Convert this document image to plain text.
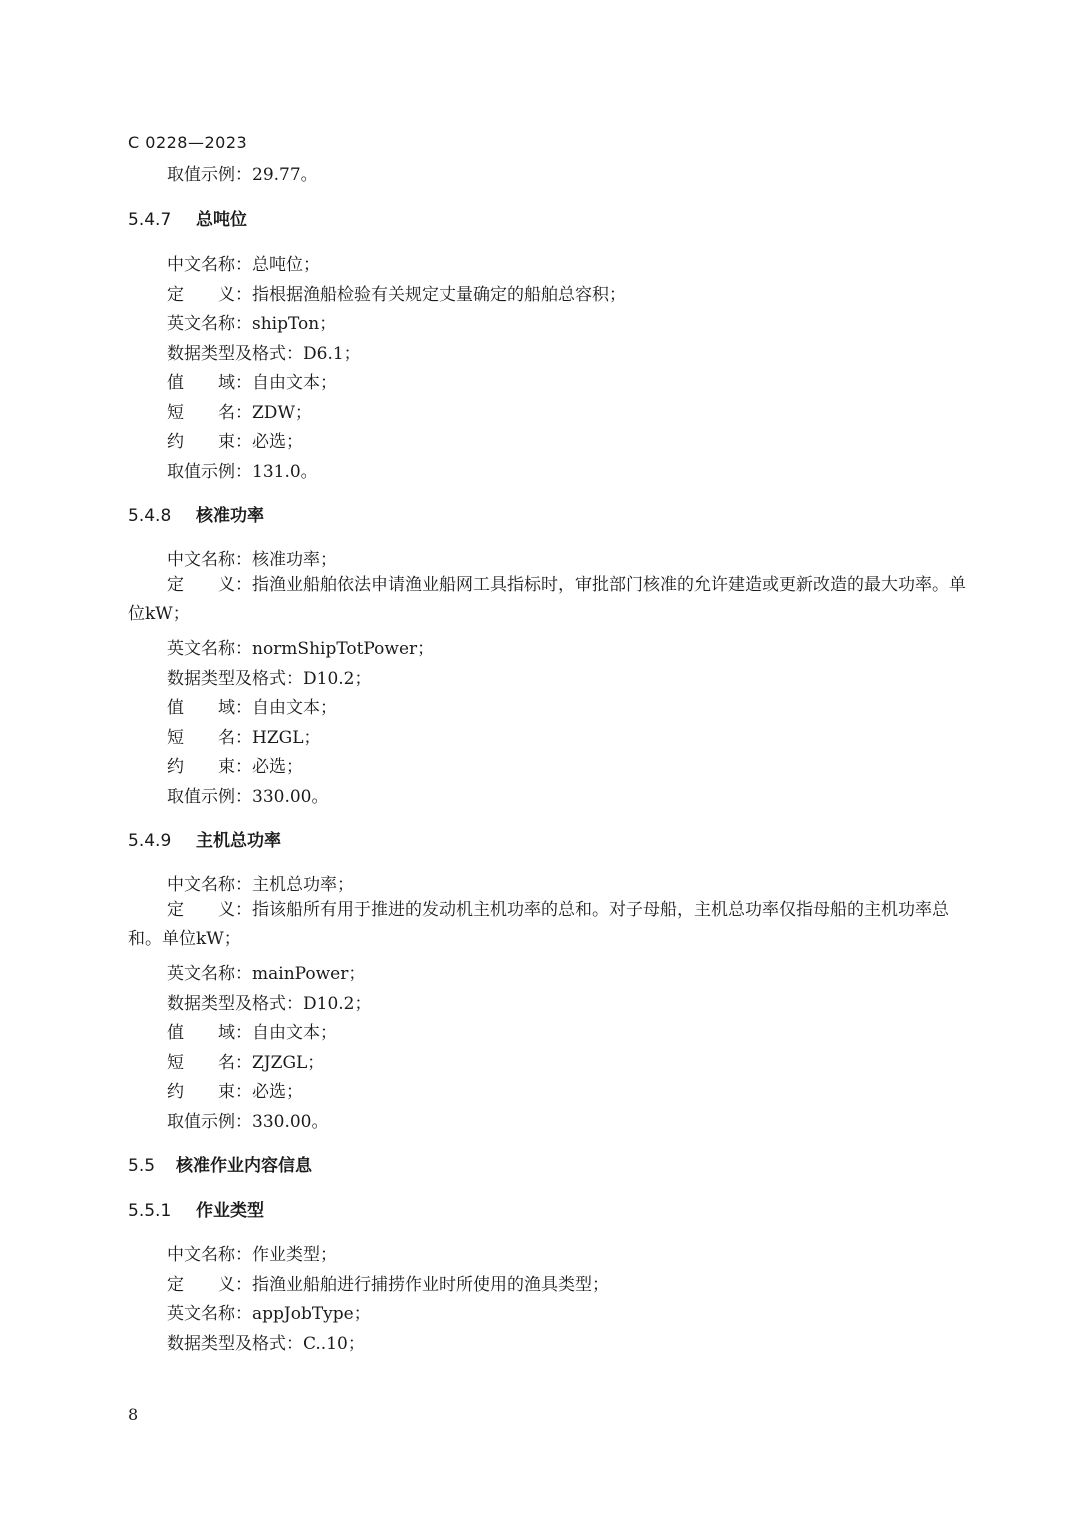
C 0228—2023
取值示例：29.77。
5.4.7 总吨位
中文名称：总吨位；
定　　义：指根据渔船检验有关规定丈量确定的船舶总容积；
英文名称：shipTon；
数据类型及格式：D6.1；
值　　域：自由文本；
短　　名：ZDW；
约　　束：必选；
取值示例：131.0。
5.4.8 核准功率
中文名称：核准功率；
定　　义：指渔业船舶依法申请渔业船网工具指标时，审批部门核准的允许建造或更新改造的最大功率。单位kW；
英文名称：normShipTotPower；
数据类型及格式：D10.2；
值　　域：自由文本；
短　　名：HZGL；
约　　束：必选；
取值示例：330.00。
5.4.9 主机总功率
中文名称：主机总功率；
定　　义：指该船所有用于推进的发动机主机功率的总和。对子母船，主机总功率仅指母船的主机功率总和。单位kW；
英文名称：mainPower；
数据类型及格式：D10.2；
值　　域：自由文本；
短　　名：ZJZGL；
约　　束：必选；
取值示例：330.00。
5.5 核准作业内容信息
5.5.1 作业类型
中文名称：作业类型；
定　　义：指渔业船舶进行捕捞作业时所使用的渔具类型；
英文名称：appJobType；
数据类型及格式：C..10；
8
